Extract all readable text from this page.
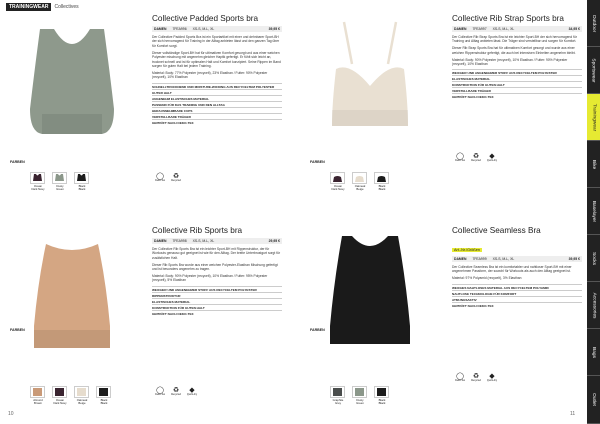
TRAININGWEAR Collectives
Collective Padded Sports bra
DAMEN 7FEA996 XS-S, M-L, XL	39,95 €

Der Collective Padded Sports Bra ist ein Sportartikel mit einer und dehnbarer Sport-BH der sich hervorragend für Training in der Alltag anbieten lässt und den ganzen Tag über für Komfort sorgt.

Dieser vollständige Sport-BH hat für ultimativen Komfort gesorgt und aus einer weichen Polyester mischung mit angenehm gleicher Haptik gefertigt. Er fühlt sich leicht an, trocknet schnell und ist für optimalen Halt und Komfort konzipiert. Seine Rippen im Band sorgen für guten Halt bei jedem Training.

Material: Body: 77% Polyester (recycelt), 23% Elasthan / Futter: 90% Polyester (recycelt), 10% Elasthan

SCHNELLTROCKNEND UND MOISTURE-WICKING AUS RECYCELTEM POLYESTER
GUTER HALT
ANGENEHM ELASTISCHES MATERIAL
PASSEND FÜR DAS TRAINING UND DEN ALLTAG
HERAUSNEHMBARE CUPS
VERSTELLBARE TRÄGER
GEPRÜFT NACH OEKO-TEX
FARBEN
Ocean
Dark Navy
Dusty
Green
Black
Black
◯
Oeko-Tex
♻
Recycled
Collective Rib Sports bra
DAMEN 7FEA998 XS-S, M-L, XL	29,95 €

Der Collective Rib Sports Bra ist ein leichter Sport-BH mit Rippenstruktur, der für Workouts genauso gut geeignet ist wie für den Alltag. Der breite Unterbrustgurt sorgt für zusätzlichen Halt.

Dieser Rib Sports Bra wurde aus einer weichen Polyester-Elasthan Mischung gefertigt und ist besonders angenehm zu tragen.

Material: Body: 90% Polyester (recycelt), 10% Elasthan / Futter: 95% Polyester (recycelt), 5% Elasthan

WEICHER UND ANGENEHMER STOFF AUS RECYCELTEM POLYESTER
RIPPENSTRUKTUR
ELASTISCHES MATERIAL
KONSTRUKTION FÜR GUTEN HALT
GEPRÜFT NACH OEKO-TEX
FARBEN
Almond
Brown
Ocean
Dark Navy
Oatmeal
Beige
Black
Black
◯
Oeko-Tex
♻
Recycled
◆
Quick-dry
10
Collective Rib Strap Sports bra
DAMEN 7FEA997 XS-S, M-L, XL	34,95 €

Der Collective Rib Strap Sports Bra ist ein leichter Sport-BH der sich hervorragend für Training und Alltag anbieten lässt. Die Träger sind verstellbar und sorgen für Komfort.

Dieser Rib Strap Sports Bra hat für ultimativen Komfort gesorgt und wurde aus einer weichen Rippenstruktur gefertigt, die auch bei intensiven Einheiten angenehm bleibt.

Material: Body: 90% Polyester (recycelt), 10% Elasthan / Futter: 90% Polyester (recycelt), 10% Elasthan

WEICHER UND ANGENEHMER STOFF AUS RECYCELTEM POLYESTER
ELASTISCHES MATERIAL
KONSTRUKTION FÜR GUTEN HALT
VERSTELLBARE TRÄGER
GEPRÜFT NACH OEKO-TEX
FARBEN
Ocean
Dark Navy
Oatmeal
Beige
Black
Black
◯
Oeko-Tex
♻
Recycled
◆
Quick-dry
Collective Seamless Bra
Art.-Nr./Größen
DAMEN 7FEA999 XS-S, M-L, XL	39,95 €

Der Collective Seamless Bra ist ein komfortabler und nahtloser Sport-BH mit einer angenehmen Passform, der sowohl für Workouts als auch den Alltag geeignet ist.

Material: 97% Polyamid (recycelt), 3% Elasthan

WEICHES NAHTLOSES MATERIAL AUS RECYCELTEM POLYAMID
NAHTLOSE TECHNOLOGIE FÜR KOMFORT
ATMUNGSAKTIV
GEPRÜFT NACH OEKO-TEX
FARBEN
Graphite
Grey
Dusty
Green
Black
Black
◯
Oeko-Tex
♻
Recycled
◆
Quick-dry
11
Outdoor
Sportswear
Trainingwear
Bike
Baselayer
Socks
Accessories
Bags
Outlet
